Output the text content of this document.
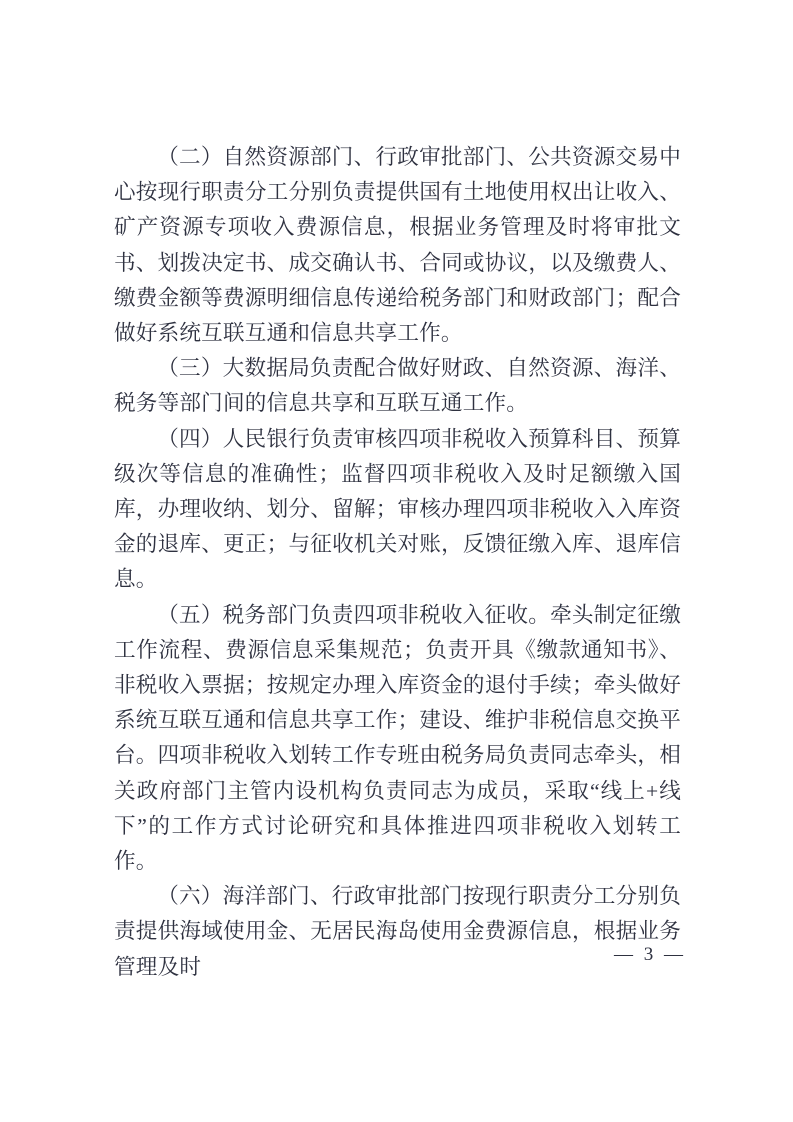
（二）自然资源部门、行政审批部门、公共资源交易中心按现行职责分工分别负责提供国有土地使用权出让收入、矿产资源专项收入费源信息，根据业务管理及时将审批文书、划拨决定书、成交确认书、合同或协议，以及缴费人、缴费金额等费源明细信息传递给税务部门和财政部门；配合做好系统互联互通和信息共享工作。

（三）大数据局负责配合做好财政、自然资源、海洋、税务等部门间的信息共享和互联互通工作。

（四）人民银行负责审核四项非税收入预算科目、预算级次等信息的准确性；监督四项非税收入及时足额缴入国库，办理收纳、划分、留解；审核办理四项非税收入入库资金的退库、更正；与征收机关对账，反馈征缴入库、退库信息。

（五）税务部门负责四项非税收入征收。牵头制定征缴工作流程、费源信息采集规范；负责开具《缴款通知书》、非税收入票据；按规定办理入库资金的退付手续；牵头做好系统互联互通和信息共享工作；建设、维护非税信息交换平台。四项非税收入划转工作专班由税务局负责同志牵头，相关政府部门主管内设机构负责同志为成员，采取“线上+线下”的工作方式讨论研究和具体推进四项非税收入划转工作。

（六）海洋部门、行政审批部门按现行职责分工分别负责提供海域使用金、无居民海岛使用金费源信息，根据业务管理及时

— 3 —
